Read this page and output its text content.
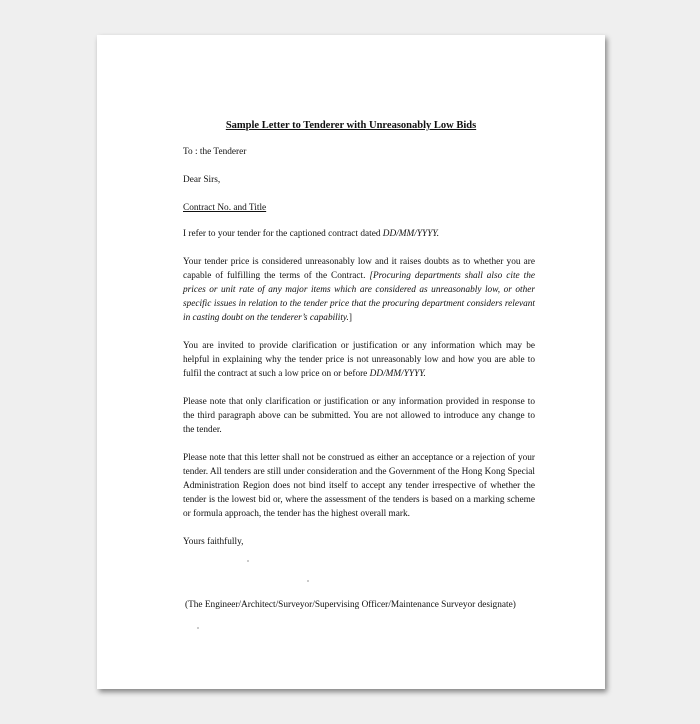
Sample Letter to Tenderer with Unreasonably Low Bids

To : the Tenderer

Dear Sirs,

Contract No. and Title

I refer to your tender for the captioned contract dated DD/MM/YYYY.

Your tender price is considered unreasonably low and it raises doubts as to whether you are capable of fulfilling the terms of the Contract. [Procuring departments shall also cite the prices or unit rate of any major items which are considered as unreasonably low, or other specific issues in relation to the tender price that the procuring department considers relevant in casting doubt on the tenderer’s capability.]

You are invited to provide clarification or justification or any information which may be helpful in explaining why the tender price is not unreasonably low and how you are able to fulfil the contract at such a low price on or before DD/MM/YYYY.

Please note that only clarification or justification or any information provided in response to the third paragraph above can be submitted. You are not allowed to introduce any change to the tender.

Please note that this letter shall not be construed as either an acceptance or a rejection of your tender. All tenders are still under consideration and the Government of the Hong Kong Special Administration Region does not bind itself to accept any tender irrespective of whether the tender is the lowest bid or, where the assessment of the tenders is based on a marking scheme or formula approach, the tender has the highest overall mark.

Yours faithfully,

(The Engineer/Architect/Surveyor/Supervising Officer/Maintenance Surveyor designate)
